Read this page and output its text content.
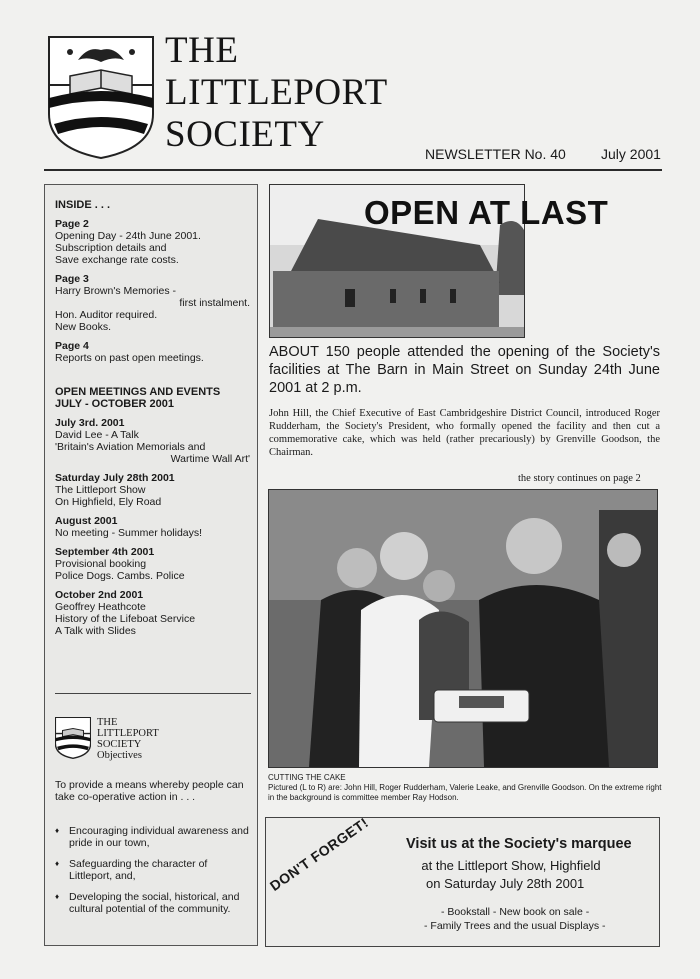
THE
LITTLEPORT
SOCIETY	NEWSLETTER No. 40	July 2001
INSIDE . . .
Page 2
Opening Day - 24th June 2001.
Subscription details and
Save exchange rate costs.
Page 3
Harry Brown's Memories -
first instalment.
Hon. Auditor required.
New Books.
Page 4
Reports on past open meetings.
OPEN MEETINGS AND EVENTS
JULY - OCTOBER 2001
July 3rd. 2001
David Lee - A Talk
'Britain's Aviation Memorials and
Wartime Wall Art'
Saturday July 28th 2001
The Littleport Show
On Highfield, Ely Road
August 2001
No meeting - Summer holidays!
September 4th 2001
Provisional booking
Police Dogs. Cambs. Police
October 2nd 2001
Geoffrey Heathcote
History of the Lifeboat Service
A Talk with Slides
THE
LITTLEPORT
SOCIETY
Objectives
To provide a means whereby people can take co-operative action in . . .
♦ Encouraging individual awareness and pride in our town,
♦ Safeguarding the character of Littleport, and,
♦ Developing the social, historical, and cultural potential of the community.
OPEN AT LAST
ABOUT 150 people attended the opening of the Society's facilities at The Barn in Main Street on Sunday 24th June 2001 at 2 p.m.
John Hill, the Chief Executive of East Cambridgeshire District Council, introduced Roger Rudderham, the Society's President, who formally opened the facility and then cut a commemorative cake, which was held (rather precariously) by Grenville Goodson, the Chairman.
the story continues on page 2
CUTTING THE CAKE
Pictured (L to R) are: John Hill, Roger Rudderham, Valerie Leake, and Grenville Goodson. On the extreme right in the background is committee member Ray Hodson.
DON'T FORGET! Visit us at the Society's marquee
at the Littleport Show, Highfield
on Saturday July 28th 2001
- Bookstall - New book on sale -
- Family Trees and the usual Displays -
